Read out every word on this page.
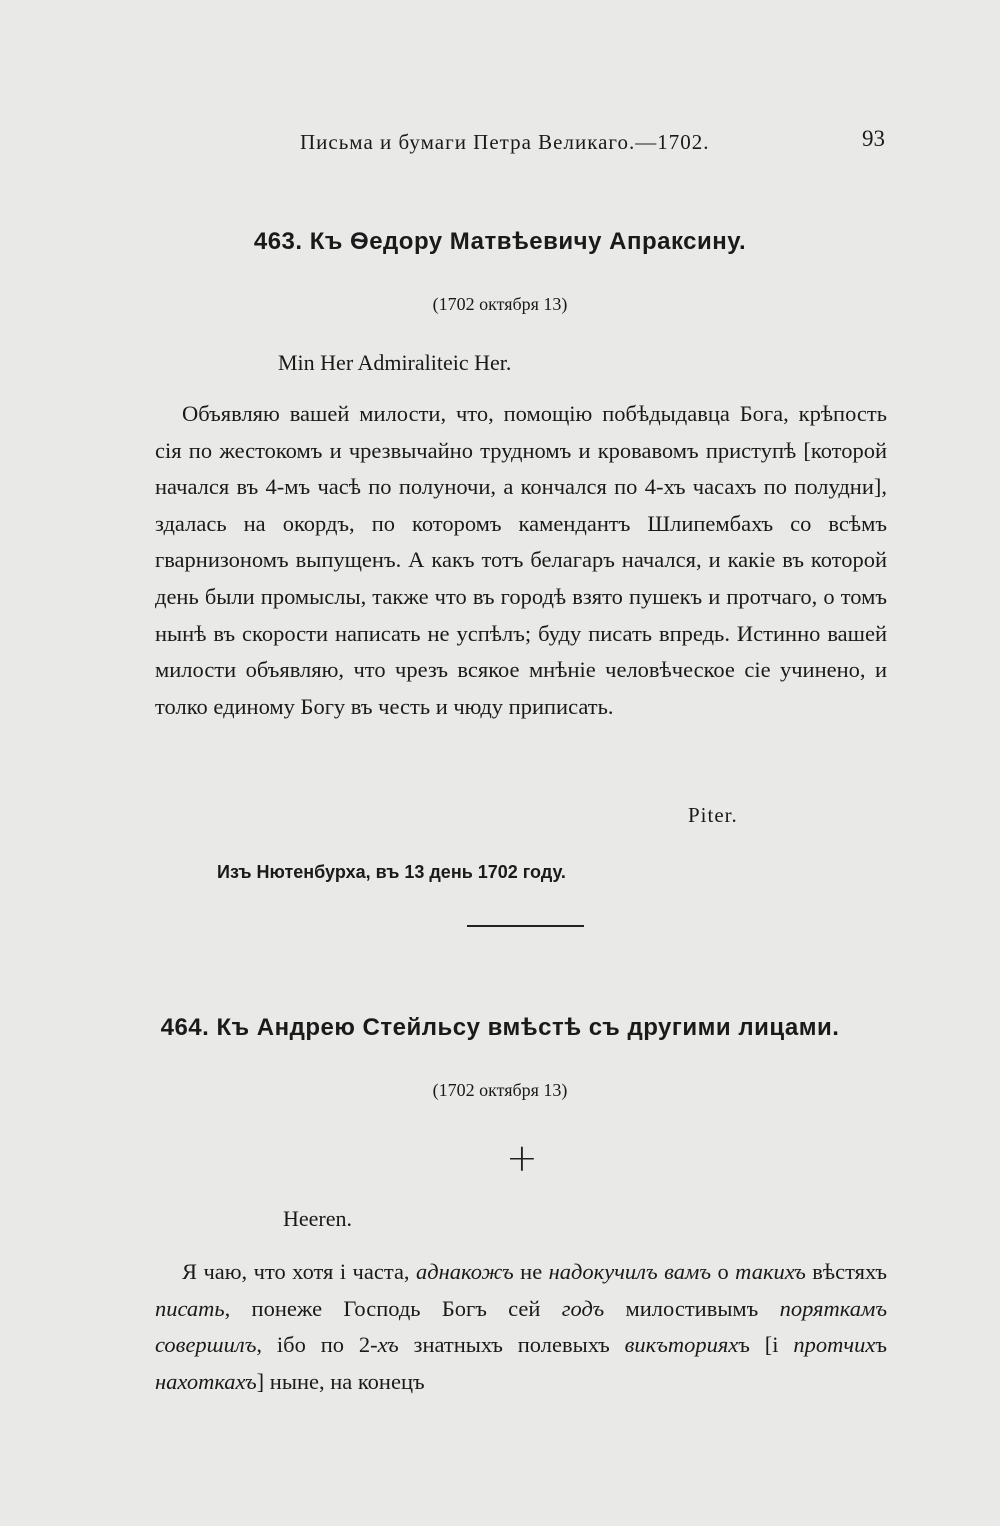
Письма и бумаги Петра Великаго.—1702.	93
463. Къ Ѳедору Матвѣевичу Апраксину.
(1702 октября 13)
Min Her Admiraliteic Her.

Объявляю вашей милости, что, помощію побѣдыдавца Бога, крѣпость сія по жестокомъ и чрезвычайно трудномъ и кровавомъ приступѣ [которой начался въ 4-мъ часѣ по полуночи, а кончался по 4-хъ часахъ по полудни], здалась на окордъ, по которомъ камендантъ Шлипембахъ со всѣмъ гварнизономъ выпущенъ. А какъ тотъ белагаръ начался, и какіе въ которой день были промыслы, также что въ городѣ взято пушекъ и протчаго, о томъ нынѣ въ скорости написать не успѣлъ; буду писать впредь. Истинно вашей милости объявляю, что чрезъ всякое мнѣніе человѣческое сіе учинено, и толко единому Богу въ честь и чюду приписать.

Piter.
Изъ Нютенбурха, въ 13 день 1702 году.
464. Къ Андрею Стейльсу вмѣстѣ съ другими лицами.
(1702 октября 13)
+
Heeren.

Я чаю, что хотя і часта, аднакожъ не надокучилъ вамъ о такихъ вѣстяхъ писать, понеже Господь Богъ сей годъ милостивымъ поряткамъ совершилъ, ібо по 2-хъ знатныхъ полевыхъ викъторияхъ [і протчихъ нахоткахъ] ныне, на конецъ
